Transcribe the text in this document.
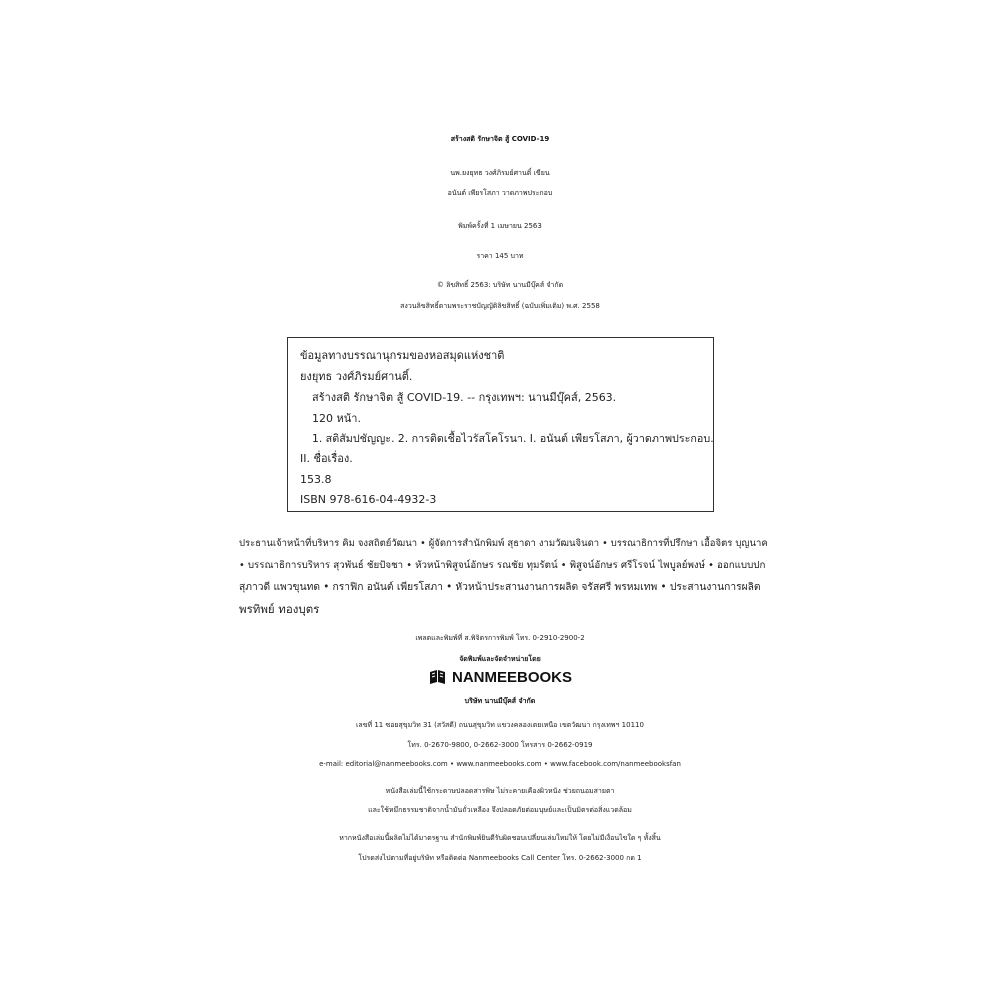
สร้างสติ รักษาจิต สู้ COVID-19
นพ.ยงยุทธ วงศ์ภิรมย์ศานติ์ เขียน
อนันต์ เพียรโสภา วาดภาพประกอบ
พิมพ์ครั้งที่ 1 เมษายน 2563
ราคา 145 บาท
© ลิขสิทธิ์ 2563: บริษัท นานมีบุ๊คส์ จำกัด
สงวนลิขสิทธิ์ตามพระราชบัญญัติลิขสิทธิ์ (ฉบับเพิ่มเติม) พ.ศ. 2558
ข้อมูลทางบรรณานุกรมของหอสมุดแห่งชาติ
ยงยุทธ วงศ์ภิรมย์ศานติ์.
สร้างสติ รักษาจิต สู้ COVID-19. -- กรุงเทพฯ: นานมีบุ๊คส์, 2563.
120 หน้า.
1. สติสัมปชัญญะ. 2. การติดเชื้อไวรัสโคโรนา. I. อนันต์ เพียรโสภา, ผู้วาดภาพประกอบ.
II. ชื่อเรื่อง.
153.8
ISBN 978-616-04-4932-3
ประธานเจ้าหน้าที่บริหาร คิม จงสถิตย์วัฒนา • ผู้จัดการสำนักพิมพ์ สุธาดา งามวัฒนจินดา • บรรณาธิการที่ปรึกษา เอื้อจิตร บุญนาค
• บรรณาธิการบริหาร สุวพันธ์ ชัยปัจชา • หัวหน้าพิสูจน์อักษร รณชัย ทุมรัตน์ • พิสูจน์อักษร ศรีโรจน์ ไพบูลย์พงษ์ • ออกแบบปก
สุภาวดี แพวขุนทด • กราฟิก อนันต์ เพียรโสภา • หัวหน้าประสานงานการผลิต จรัสศรี พรหมเทพ • ประสานงานการผลิต
พรทิพย์ ทองบุตร
เพลตและพิมพ์ที่ ส.พิจิตรการพิมพ์ โทร. 0-2910-2900-2
จัดพิมพ์และจัดจำหน่ายโดย
NANMEEBOOKS
บริษัท นานมีบุ๊คส์ จำกัด
เลขที่ 11 ซอยสุขุมวิท 31 (สวัสดี) ถนนสุขุมวิท แขวงคลองเตยเหนือ เขตวัฒนา กรุงเทพฯ 10110
โทร. 0-2670-9800, 0-2662-3000 โทรสาร 0-2662-0919
e-mail: editorial@nanmeebooks.com • www.nanmeebooks.com • www.facebook.com/nanmeebooksfan
หนังสือเล่มนี้ใช้กระดาษปลอดสารพิษ ไม่ระคายเคืองผิวหนัง ช่วยถนอมสายตา
และใช้หมึกธรรมชาติจากน้ำมันถั่วเหลือง จึงปลอดภัยต่อมนุษย์และเป็นมิตรต่อสิ่งแวดล้อม
หากหนังสือเล่มนี้ผลิตไม่ได้มาตรฐาน สำนักพิมพ์ยินดีรับผิดชอบเปลี่ยนเล่มใหม่ให้ โดยไม่มีเงื่อนไขใด ๆ ทั้งสิ้น
โปรดส่งไปตามที่อยู่บริษัท หรือติดต่อ Nanmeebooks Call Center โทร. 0-2662-3000 กด 1
